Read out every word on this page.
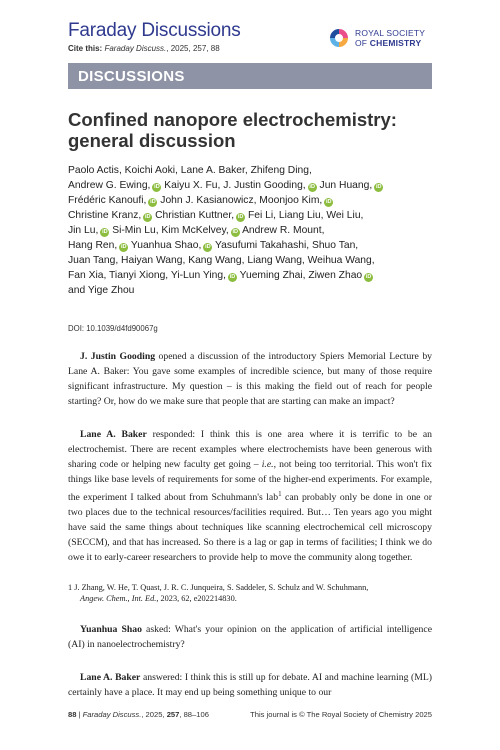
Faraday Discussions
Cite this: Faraday Discuss., 2025, 257, 88
ROYAL SOCIETY
OF CHEMISTRY
DISCUSSIONS
Confined nanopore electrochemistry:
general discussion
Paolo Actis, Koichi Aoki, Lane A. Baker, Zhifeng Ding,
Andrew G. Ewing, iD Kaiyu X. Fu, J. Justin Gooding, iD Jun Huang, iD
Frédéric Kanoufi, iD John J. Kasianowicz, Moonjoo Kim, iD
Christine Kranz, iD Christian Kuttner, iD Fei Li, Liang Liu, Wei Liu,
Jin Lu, iD Si-Min Lu, Kim McKelvey, iD Andrew R. Mount,
Hang Ren, iD Yuanhua Shao, iD Yasufumi Takahashi, Shuo Tan,
Juan Tang, Haiyan Wang, Kang Wang, Liang Wang, Weihua Wang,
Fan Xia, Tianyi Xiong, Yi-Lun Ying, iD Yueming Zhai, Ziwen Zhao iD
and Yige Zhou
DOI: 10.1039/d4fd90067g

J. Justin Gooding opened a discussion of the introductory Spiers Memorial Lecture by Lane A. Baker: You gave some examples of incredible science, but many of those require significant infrastructure. My question – is this making the field out of reach for people starting? Or, how do we make sure that people that are starting can make an impact?

Lane A. Baker responded: I think this is one area where it is terrific to be an electrochemist. There are recent examples where electrochemists have been generous with sharing code or helping new faculty get going – i.e., not being too territorial. This won't fix things like base levels of requirements for some of the higher-end experiments. For example, the experiment I talked about from Schuhmann's lab$^1$ can probably only be done in one or two places due to the technical resources/facilities required. But… Ten years ago you might have said the same things about techniques like scanning electrochemical cell microscopy (SECCM), and that has increased. So there is a lag or gap in terms of facilities; I think we do owe it to early-career researchers to provide help to move the community along together.

1 J. Zhang, W. He, T. Quast, J. R. C. Junqueira, S. Saddeler, S. Schulz and W. Schuhmann,
Angew. Chem., Int. Ed., 2023, 62, e202214830.

Yuanhua Shao asked: What's your opinion on the application of artificial intelligence (AI) in nanoelectrochemistry?

Lane A. Baker answered: I think this is still up for debate. AI and machine learning (ML) certainly have a place. It may end up being something unique to our

88 | Faraday Discuss., 2025, 257, 88–106	This journal is © The Royal Society of Chemistry 2025
